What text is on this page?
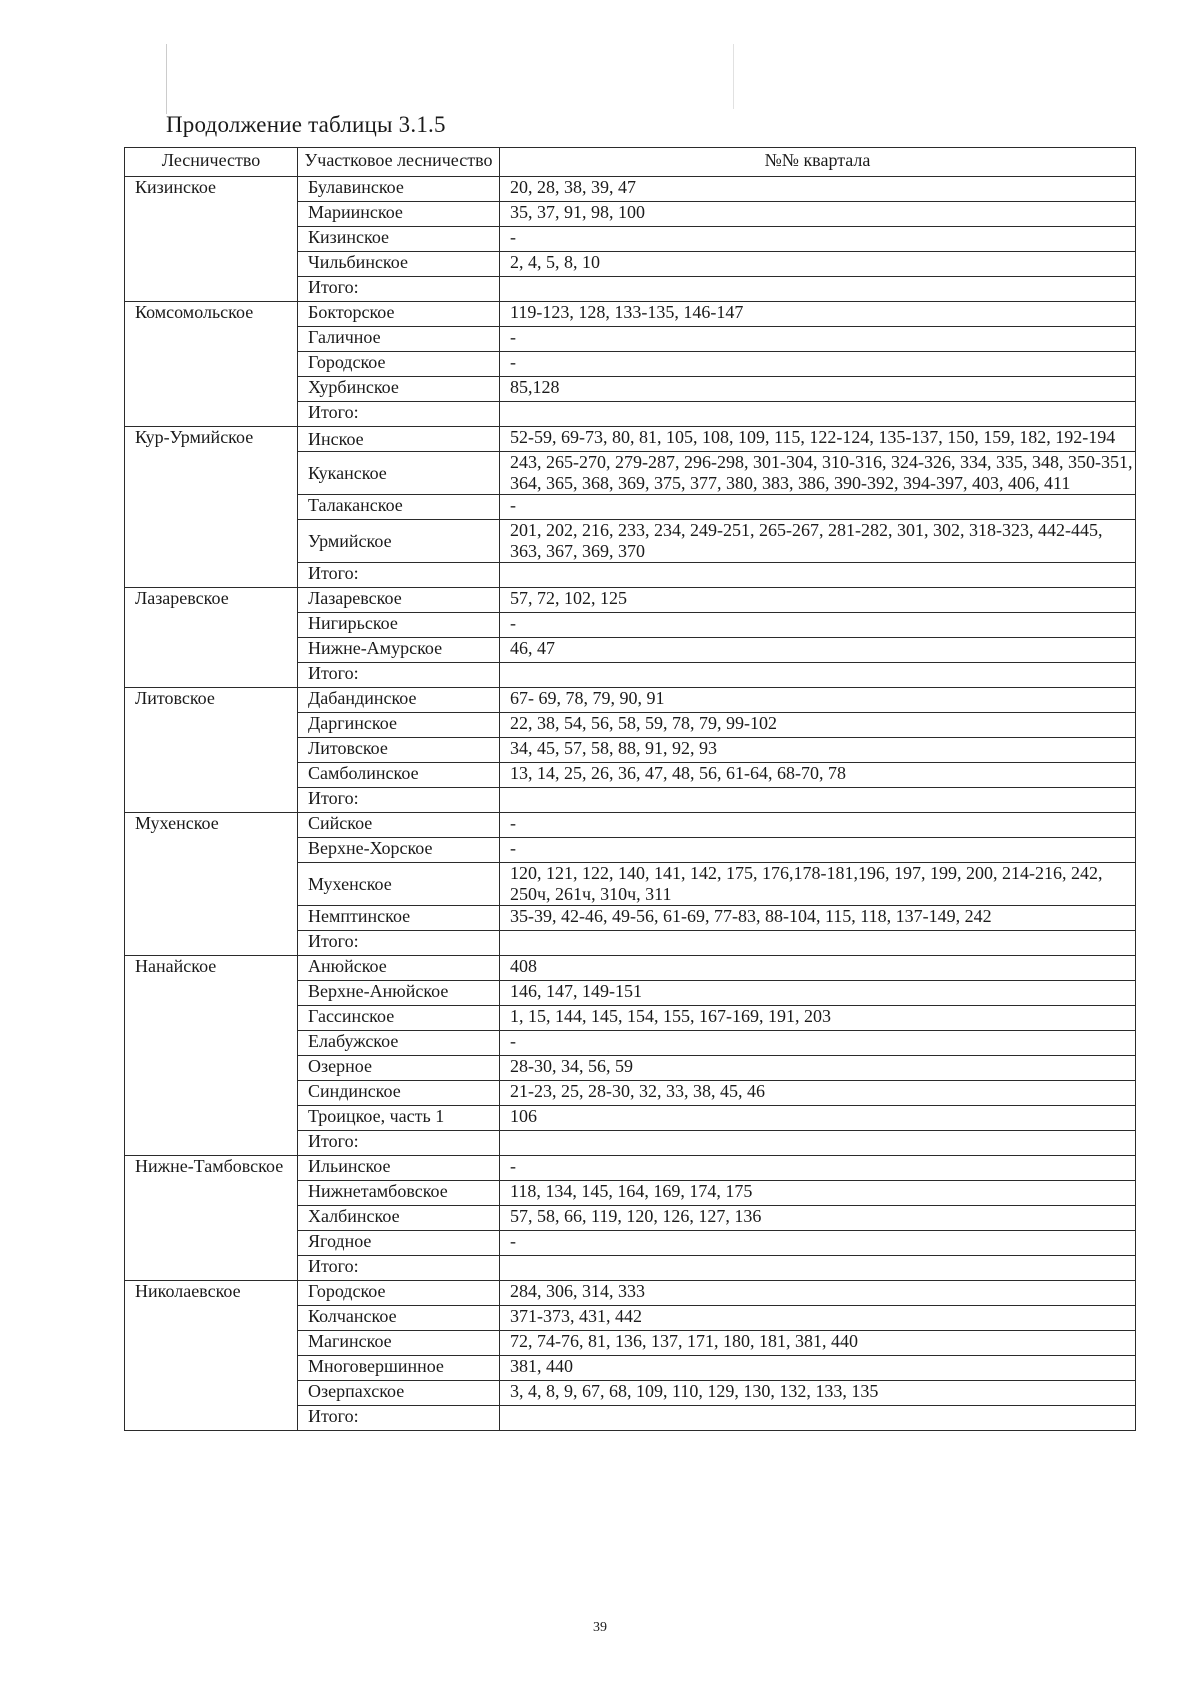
Продолжение таблицы 3.1.5
Лесничество	Участковое лесничество	№№ квартала
Кизинское	Булавинское	20, 28, 38, 39, 47
	Мариинское	35, 37, 91, 98, 100
	Кизинское	-
	Чильбинское	2, 4, 5, 8, 10
	Итого:	
Комсомольское	Бокторское	119-123, 128, 133-135, 146-147
	Галичное	-
	Городское	-
	Хурбинское	85,128
	Итого:	
Кур-Урмийское	Инское	52-59, 69-73, 80, 81, 105, 108, 109, 115, 122-124, 135-137, 150, 159, 182, 192-194
	Куканское	243, 265-270, 279-287, 296-298, 301-304, 310-316, 324-326, 334, 335, 348, 350-351, 364, 365, 368, 369, 375, 377, 380, 383, 386, 390-392, 394-397, 403, 406, 411
	Талаканское	-
	Урмийское	201, 202, 216, 233, 234, 249-251, 265-267, 281-282, 301, 302, 318-323, 442-445, 363, 367, 369, 370
	Итого:	
Лазаревское	Лазаревское	57, 72, 102, 125
	Нигирьское	-
	Нижне-Амурское	46, 47
	Итого:	
Литовское	Дабандинское	67- 69, 78, 79, 90, 91
	Даргинское	22, 38, 54, 56, 58, 59, 78, 79, 99-102
	Литовское	34, 45, 57, 58, 88, 91, 92, 93
	Самболинское	13, 14, 25, 26, 36, 47, 48, 56, 61-64, 68-70, 78
	Итого:	
Мухенское	Сийское	-
	Верхне-Хорское	-
	Мухенское	120, 121, 122, 140, 141, 142, 175, 176,178-181,196, 197, 199, 200, 214-216, 242, 250ч, 261ч, 310ч, 311
	Немптинское	35-39, 42-46, 49-56, 61-69, 77-83, 88-104, 115, 118, 137-149, 242
	Итого:	
Нанайское	Анюйское	408
	Верхне-Анюйское	146, 147, 149-151
	Гассинское	1, 15, 144, 145, 154, 155, 167-169, 191, 203
	Елабужское	-
	Озерное	28-30, 34, 56, 59
	Синдинское	21-23, 25, 28-30, 32, 33, 38, 45, 46
	Троицкое, часть 1	106
	Итого:	
Нижне-Тамбовское	Ильинское	-
	Нижнетамбовское	118, 134, 145, 164, 169, 174, 175
	Халбинское	57, 58, 66, 119, 120, 126, 127, 136
	Ягодное	-
	Итого:	
Николаевское	Городское	284, 306, 314, 333
	Колчанское	371-373, 431, 442
	Магинское	72, 74-76, 81, 136, 137, 171, 180, 181, 381, 440
	Многовершинное	381, 440
	Озерпахское	3, 4, 8, 9, 67, 68, 109, 110, 129, 130, 132, 133, 135
	Итого:	
39
